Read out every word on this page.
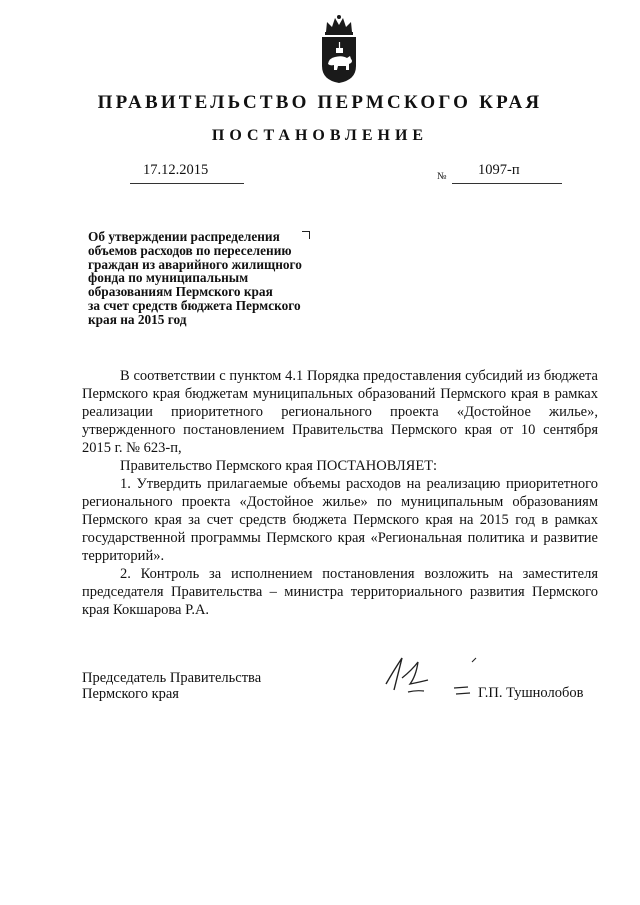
ПРАВИТЕЛЬСТВО ПЕРМСКОГО КРАЯ
ПОСТАНОВЛЕНИЕ
17.12.2015	№ 1097-п
Об утверждении распределения
объемов расходов по переселению
граждан из аварийного жилищного
фонда по муниципальным
образованиям Пермского края
за счет средств бюджета Пермского
края на 2015 год

В соответствии с пунктом 4.1 Порядка предоставления субсидий из бюджета Пермского края бюджетам муниципальных образований Пермского края в рамках реализации приоритетного регионального проекта «Достойное жилье», утвержденного постановлением Правительства Пермского края от 10 сентября 2015 г. № 623-п,

Правительство Пермского края ПОСТАНОВЛЯЕТ:

1. Утвердить прилагаемые объемы расходов на реализацию приоритетного регионального проекта «Достойное жилье» по муниципальным образованиям Пермского края за счет средств бюджета Пермского края на 2015 год в рамках государственной программы Пермского края «Региональная политика и развитие территорий».

2. Контроль за исполнением постановления возложить на заместителя председателя Правительства – министра территориального развития Пермского края Кокшарова Р.А.

Председатель Правительства
Пермского края	Г.П. Тушнолобов
